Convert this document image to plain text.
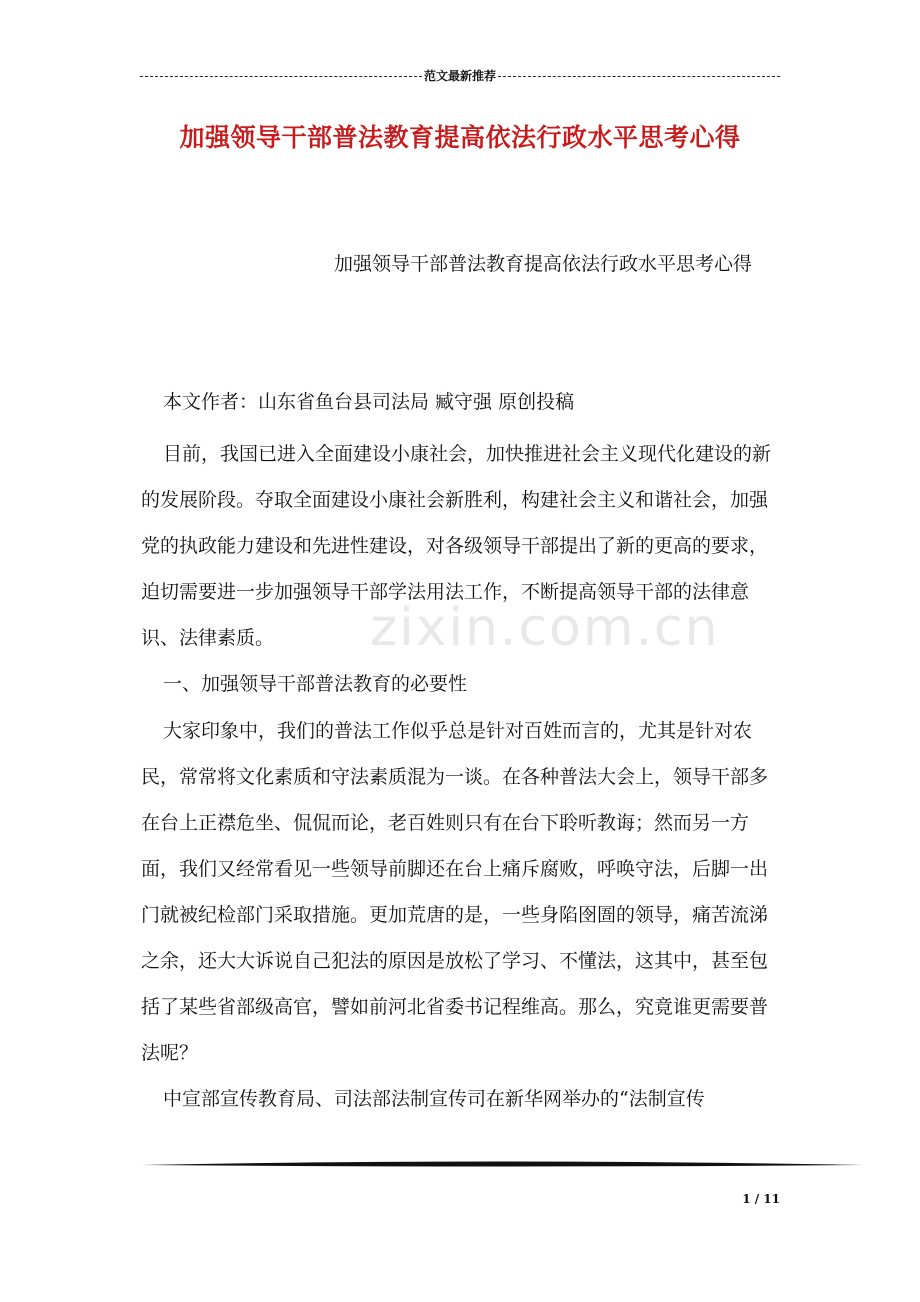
范文最新推荐
加强领导干部普法教育提高依法行政水平思考心得
加强领导干部普法教育提高依法行政水平思考心得
本文作者：山东省鱼台县司法局 臧守强 原创投稿

目前，我国已进入全面建设小康社会，加快推进社会主义现代化建设的新的发展阶段。夺取全面建设小康社会新胜利，构建社会主义和谐社会，加强党的执政能力建设和先进性建设，对各级领导干部提出了新的更高的要求，迫切需要进一步加强领导干部学法用法工作，不断提高领导干部的法律意识、法律素质。

一、加强领导干部普法教育的必要性

大家印象中，我们的普法工作似乎总是针对百姓而言的，尤其是针对农民，常常将文化素质和守法素质混为一谈。在各种普法大会上，领导干部多在台上正襟危坐、侃侃而论，老百姓则只有在台下聆听教诲；然而另一方面，我们又经常看见一些领导前脚还在台上痛斥腐败，呼唤守法，后脚一出门就被纪检部门采取措施。更加荒唐的是，一些身陷囹圄的领导，痛苦流涕之余，还大大诉说自己犯法的原因是放松了学习、不懂法，这其中，甚至包括了某些省部级高官，譬如前河北省委书记程维高。那么，究竟谁更需要普法呢？

中宣部宣传教育局、司法部法制宣传司在新华网举办的“法制宣传

zixin.com.cn
1 / 11
